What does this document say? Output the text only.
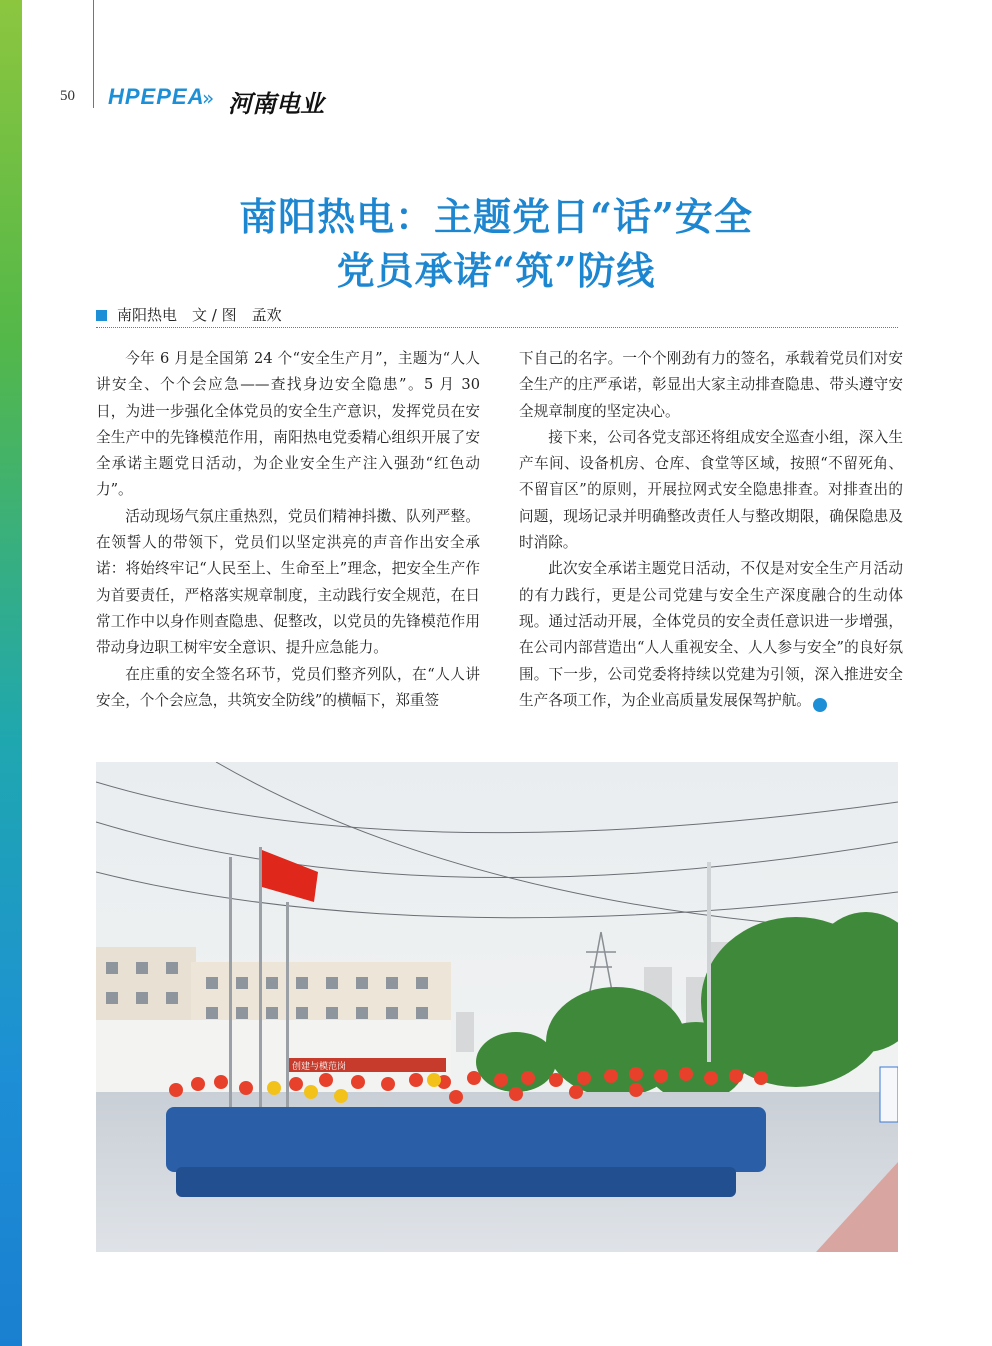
50 HPEPEA
» 河南电业
南阳热电：主题党日“话”安全
党员承诺“筑”防线
南阳热电　文 / 图　孟欢

今年 6 月是全国第 24 个“安全生产月”，主题为“人人讲安全、个个会应急——查找身边安全隐患”。5 月 30 日，为进一步强化全体党员的安全生产意识，发挥党员在安全生产中的先锋模范作用，南阳热电党委精心组织开展了安全承诺主题党日活动，为企业安全生产注入强劲“红色动力”。

活动现场气氛庄重热烈，党员们精神抖擞、队列严整。在领誓人的带领下，党员们以坚定洪亮的声音作出安全承诺：将始终牢记“人民至上、生命至上”理念，把安全生产作为首要责任，严格落实规章制度，主动践行安全规范，在日常工作中以身作则查隐患、促整改，以党员的先锋模范作用带动身边职工树牢安全意识、提升应急能力。

在庄重的安全签名环节，党员们整齐列队，在“人人讲安全，个个会应急，共筑安全防线”的横幅下，郑重签

下自己的名字。一个个刚劲有力的签名，承载着党员们对安全生产的庄严承诺，彰显出大家主动排查隐患、带头遵守安全规章制度的坚定决心。

接下来，公司各党支部还将组成安全巡查小组，深入生产车间、设备机房、仓库、食堂等区域，按照“不留死角、不留盲区”的原则，开展拉网式安全隐患排查。对排查出的问题，现场记录并明确整改责任人与整改期限，确保隐患及时消除。

此次安全承诺主题党日活动，不仅是对安全生产月活动的有力践行，更是公司党建与安全生产深度融合的生动体现。通过活动开展，全体党员的安全责任意识进一步增强，在公司内部营造出“人人重视安全、人人参与安全”的良好氛围。下一步，公司党委将持续以党建为引领，深入推进安全生产各项工作，为企业高质量发展保驾护航。	电

创建与模范岗
